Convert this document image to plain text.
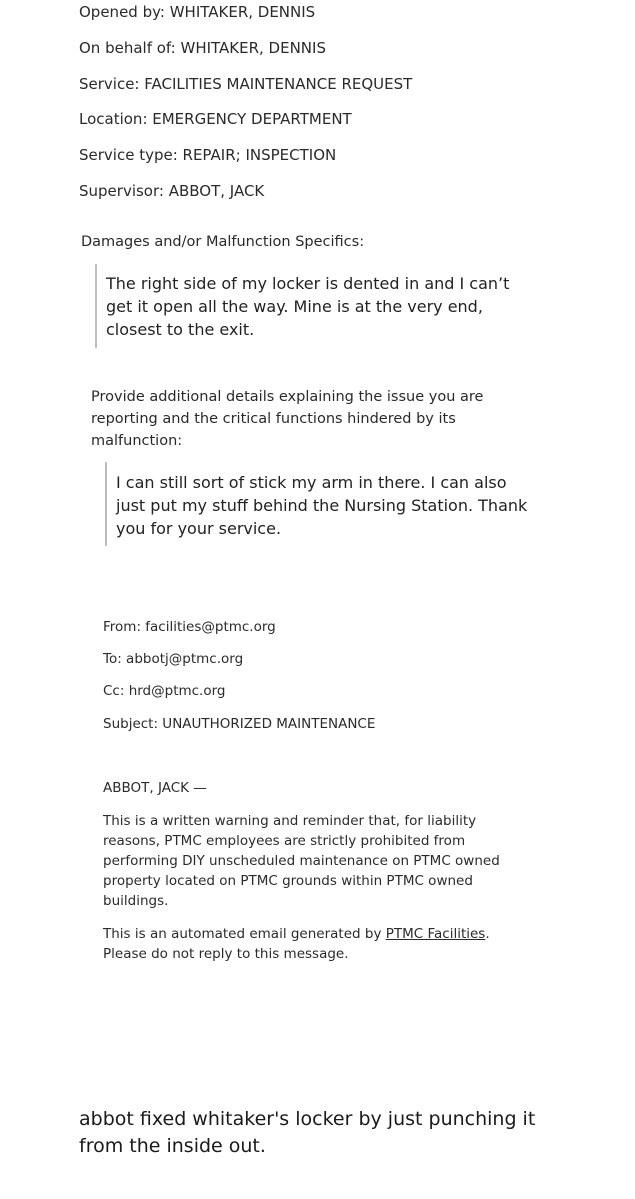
Opened by: WHITAKER, DENNIS
On behalf of: WHITAKER, DENNIS
Service: FACILITIES MAINTENANCE REQUEST
Location: EMERGENCY DEPARTMENT
Service type: REPAIR; INSPECTION
Supervisor: ABBOT, JACK
Damages and/or Malfunction Specifics:
The right side of my locker is dented in and I can’t get it open all the way. Mine is at the very end, closest to the exit.
Provide additional details explaining the issue you are reporting and the critical functions hindered by its malfunction:
I can still sort of stick my arm in there. I can also just put my stuff behind the Nursing Station. Thank you for your service.
From: facilities@ptmc.org
To: abbotj@ptmc.org
Cc: hrd@ptmc.org
Subject: UNAUTHORIZED MAINTENANCE
ABBOT, JACK —
This is a written warning and reminder that, for liability reasons, PTMC employees are strictly prohibited from performing DIY unscheduled maintenance on PTMC owned property located on PTMC grounds within PTMC owned buildings.
This is an automated email generated by PTMC Facilities. Please do not reply to this message.
abbot fixed whitaker's locker by just punching it from the inside out.
